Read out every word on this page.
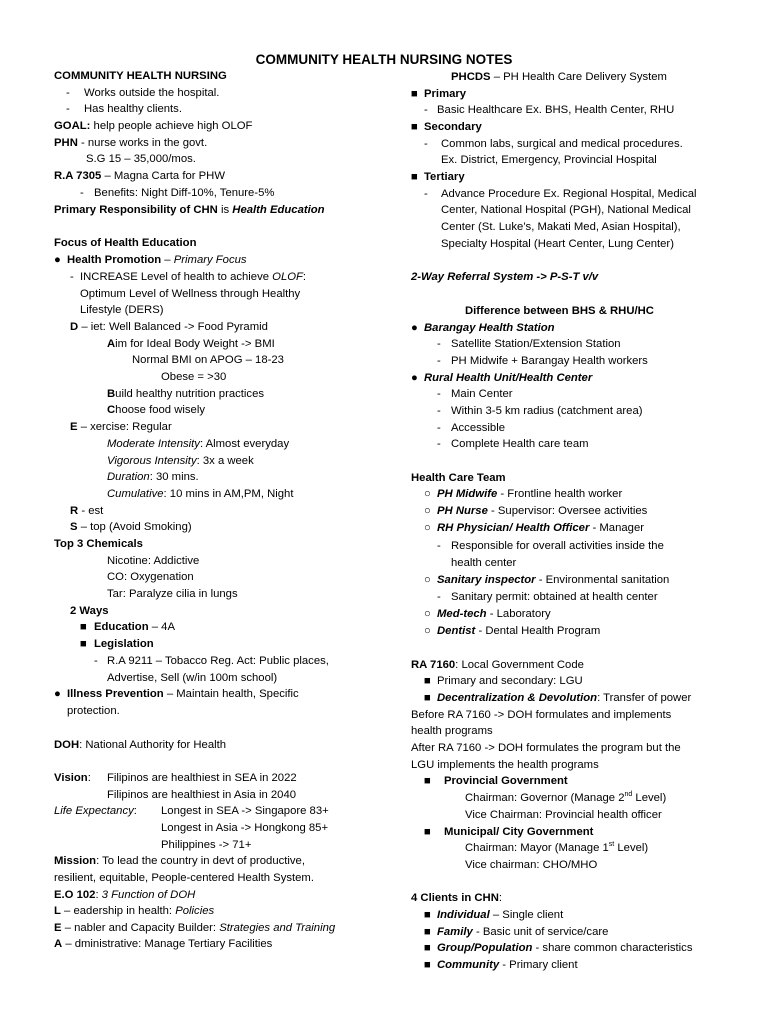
COMMUNITY HEALTH NURSING NOTES
COMMUNITY HEALTH NURSING
- Works outside the hospital.
- Has healthy clients.
GOAL: help people achieve high OLOF
PHN - nurse works in the govt.
S.G 15 – 35,000/mos.
R.A 7305 – Magna Carta for PHW
- Benefits: Night Diff-10%, Tenure-5%
Primary Responsibility of CHN is Health Education
Focus of Health Education
● Health Promotion – Primary Focus
- INCREASE Level of health to achieve OLOF:
Optimum Level of Wellness through Healthy
Lifestyle (DERS)
D – iet: Well Balanced -> Food Pyramid
Aim for Ideal Body Weight -> BMI
Normal BMI on APOG – 18-23
Obese = >30
Build healthy nutrition practices
Choose food wisely
E – xercise: Regular
Moderate Intensity: Almost everyday
Vigorous Intensity: 3x a week
Duration: 30 mins.
Cumulative: 10 mins in AM,PM, Night
R - est
S – top (Avoid Smoking)
Top 3 Chemicals
Nicotine: Addictive
CO: Oxygenation
Tar: Paralyze cilia in lungs
2 Ways
■ Education – 4A
■ Legislation
- R.A 9211 – Tobacco Reg. Act: Public places,
Advertise, Sell (w/in 100m school)
● Illness Prevention – Maintain health, Specific
protection.
DOH: National Authority for Health
Vision: Filipinos are healthiest in SEA in 2022
Filipinos are healthiest in Asia in 2040
Life Expectancy: Longest in SEA -> Singapore 83+
Longest in Asia -> Hongkong 85+
Philippines -> 71+
Mission: To lead the country in devt of productive,
resilient, equitable, People-centered Health System.
E.O 102: 3 Function of DOH
L – eadership in health: Policies
E – nabler and Capacity Builder: Strategies and Training
A – dministrative: Manage Tertiary Facilities
PHCDS – PH Health Care Delivery System
■ Primary
- Basic Healthcare Ex. BHS, Health Center, RHU
■ Secondary
- Common labs, surgical and medical procedures.
Ex. District, Emergency, Provincial Hospital
■ Tertiary
- Advance Procedure Ex. Regional Hospital, Medical
Center, National Hospital (PGH), National Medical
Center (St. Luke’s, Makati Med, Asian Hospital),
Specialty Hospital (Heart Center, Lung Center)
2-Way Referral System -> P-S-T v/v
Difference between BHS & RHU/HC
● Barangay Health Station
- Satellite Station/Extension Station
- PH Midwife + Barangay Health workers
● Rural Health Unit/Health Center
- Main Center
- Within 3-5 km radius (catchment area)
- Accessible
- Complete Health care team
Health Care Team
○ PH Midwife - Frontline health worker
○ PH Nurse - Supervisor: Oversee activities
○ RH Physician/ Health Officer - Manager
- Responsible for overall activities inside the
health center
○ Sanitary inspector - Environmental sanitation
- Sanitary permit: obtained at health center
○ Med-tech - Laboratory
○ Dentist - Dental Health Program
RA 7160: Local Government Code
■ Primary and secondary: LGU
■ Decentralization & Devolution: Transfer of power
Before RA 7160 -> DOH formulates and implements
health programs
After RA 7160 -> DOH formulates the program but the
LGU implements the health programs
■ Provincial Government
Chairman: Governor (Manage 2nd Level)
Vice Chairman: Provincial health officer
■ Municipal/ City Government
Chairman: Mayor (Manage 1st Level)
Vice chairman: CHO/MHO
4 Clients in CHN:
■ Individual – Single client
■ Family - Basic unit of service/care
■ Group/Population - share common characteristics
■ Community - Primary client
